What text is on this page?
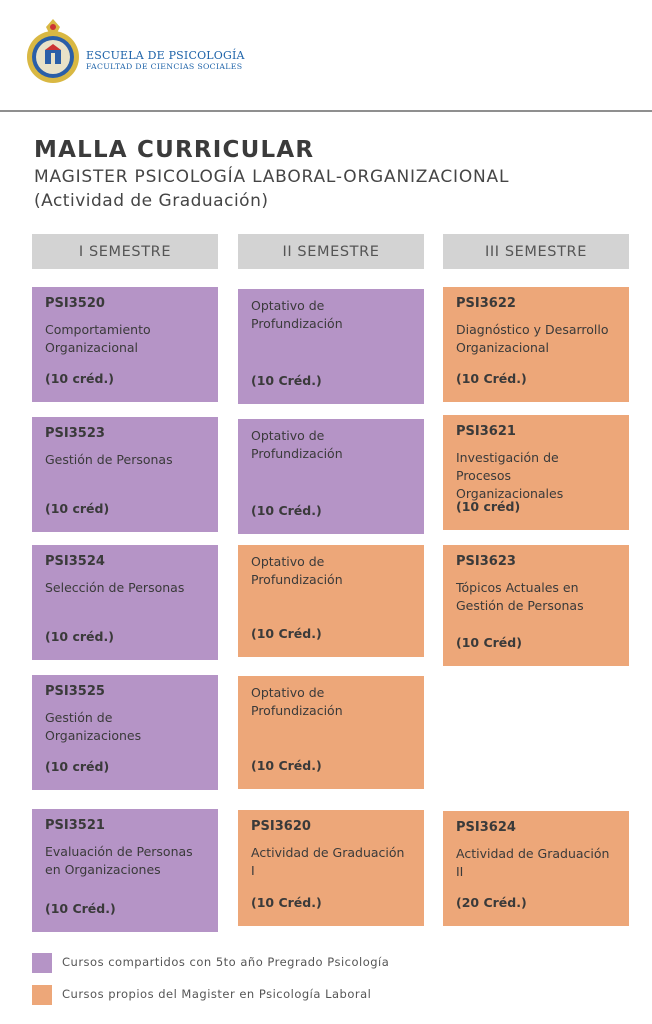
ESCUELA DE PSICOLOGÍA
FACULTAD DE CIENCIAS SOCIALES
MALLA CURRICULAR
MAGISTER PSICOLOGÍA LABORAL-ORGANIZACIONAL
(Actividad de Graduación)
I SEMESTRE	II SEMESTRE	III SEMESTRE
PSI3520
Comportamiento Organizacional
(10 créd.)
PSI3523
Gestión de Personas
(10 créd)
PSI3524
Selección de Personas
(10 créd.)
PSI3525
Gestión de Organizaciones
(10 créd)
PSI3521
Evaluación de Personas en Organizaciones
(10 Créd.)
Optativo de Profundización
(10 Créd.)
Optativo de Profundización
(10 Créd.)
Optativo de Profundización
(10 Créd.)
Optativo de Profundización
(10 Créd.)
PSI3620
Actividad de Graduación I
(10 Créd.)
PSI3622
Diagnóstico y Desarrollo Organizacional
(10 Créd.)
PSI3621
Investigación de Procesos Organizacionales
(10 créd)
PSI3623
Tópicos Actuales en Gestión de Personas
(10 Créd)
PSI3624
Actividad de Graduación II
(20 Créd.)
Cursos compartidos con 5to año Pregrado Psicología
Cursos propios del Magister en Psicología Laboral
